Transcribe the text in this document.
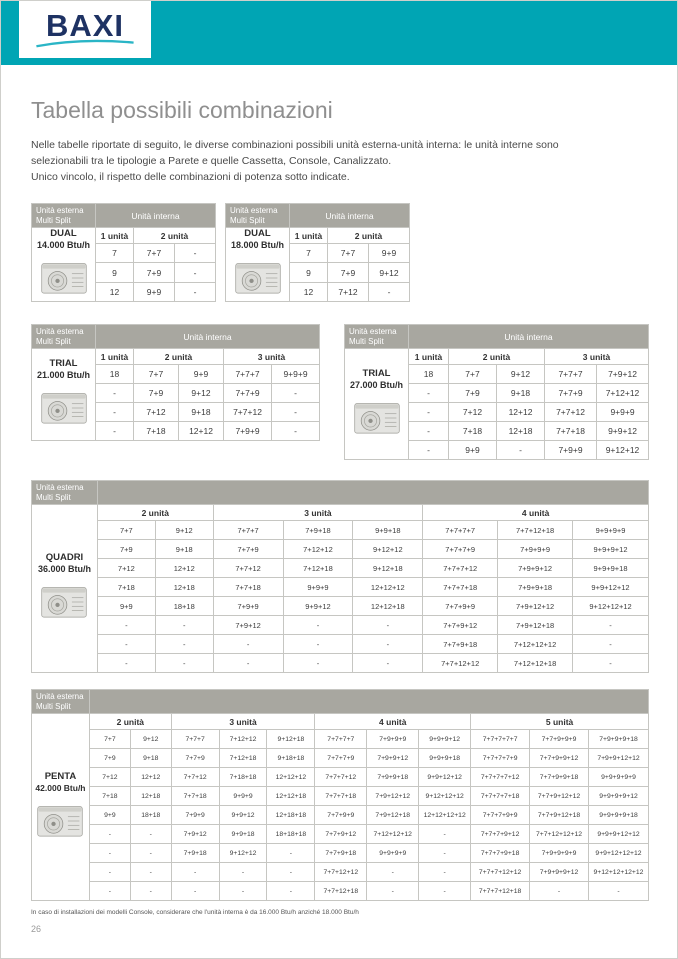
BAXI
Tabella possibili combinazioni
Nelle tabelle riportate di seguito, le diverse combinazioni possibili unità esterna-unità interna: le unità interne sono
selezionabili tra le tipologie a Parete e quelle Cassetta, Console, Canalizzato.
Unico vincolo, il rispetto delle combinazioni di potenza sotto indicate.
Unità esterna
Multi Split	Unità interna		

DUAL
14.000 Btu/h	1 unità	2 unità	
	7	7+7	-
	9	7+9	-
	12	9+9	-
Unità esterna
Multi Split	Unità interna		

DUAL
18.000 Btu/h	1 unità	2 unità	
	7	7+7	9+9
	9	7+9	9+12
	12	7+12	-
Unità esterna
Multi Split	Unità interna				

TRIAL
21.000 Btu/h	1 unità	2 unità		3 unità	
	18	7+7	9+9	7+7+7	9+9+9
	-	7+9	9+12	7+7+9	-
	-	7+12	9+18	7+7+12	-
	-	7+18	12+12	7+9+9	-
Unità esterna
Multi Split	Unità interna				

TRIAL
27.000 Btu/h	1 unità	2 unità		3 unità	
	18	7+7	9+12	7+7+7	7+9+12
	-	7+9	9+18	7+7+9	7+12+12
	-	7+12	12+12	7+7+12	9+9+9
	-	7+18	12+18	7+7+18	9+9+12
	-	9+9	-	7+9+9	9+12+12
Unità esterna
Multi Split								

QUADRI
36.000 Btu/h	2 unità		3 unità			4 unità		
	7+7	9+12	7+7+7	7+9+18	9+9+18	7+7+7+7	7+7+12+18	9+9+9+9
	7+9	9+18	7+7+9	7+12+12	9+12+12	7+7+7+9	7+9+9+9	9+9+9+12
	7+12	12+12	7+7+12	7+12+18	9+12+18	7+7+7+12	7+9+9+12	9+9+9+18
	7+18	12+18	7+7+18	9+9+9	12+12+12	7+7+7+18	7+9+9+18	9+9+12+12
	9+9	18+18	7+9+9	9+9+12	12+12+18	7+7+9+9	7+9+12+12	9+12+12+12
	-	-	7+9+12	-	-	7+7+9+12	7+9+12+18	-
	-	-	-	-	-	7+7+9+18	7+12+12+12	-
	-	-	-	-	-	7+7+12+12	7+12+12+18	-
Unità esterna
Multi Split											

PENTA
42.000 Btu/h	2 unità		3 unità			4 unità			5 unità		
	7+7	9+12	7+7+7	7+12+12	9+12+18	7+7+7+7	7+9+9+9	9+9+9+12	7+7+7+7+7	7+7+9+9+9	7+9+9+9+18
	7+9	9+18	7+7+9	7+12+18	9+18+18	7+7+7+9	7+9+9+12	9+9+9+18	7+7+7+7+9	7+7+9+9+12	7+9+9+12+12
	7+12	12+12	7+7+12	7+18+18	12+12+12	7+7+7+12	7+9+9+18	9+9+12+12	7+7+7+7+12	7+7+9+9+18	9+9+9+9+9
	7+18	12+18	7+7+18	9+9+9	12+12+18	7+7+7+18	7+9+12+12	9+12+12+12	7+7+7+7+18	7+7+9+12+12	9+9+9+9+12
	9+9	18+18	7+9+9	9+9+12	12+18+18	7+7+9+9	7+9+12+18	12+12+12+12	7+7+7+9+9	7+7+9+12+18	9+9+9+9+18
	-	-	7+9+12	9+9+18	18+18+18	7+7+9+12	7+12+12+12	-	7+7+7+9+12	7+7+12+12+12	9+9+9+12+12
	-	-	7+9+18	9+12+12	-	7+7+9+18	9+9+9+9	-	7+7+7+9+18	7+9+9+9+9	9+9+12+12+12
	-	-	-	-	-	7+7+12+12	-	-	7+7+7+12+12	7+9+9+9+12	9+12+12+12+12
	-	-	-	-	-	7+7+12+18	-	-	7+7+7+12+18	-	-
In caso di installazioni dei modelli Console, considerare che l'unità interna è da 16.000 Btu/h anziché 18.000 Btu/h
26
